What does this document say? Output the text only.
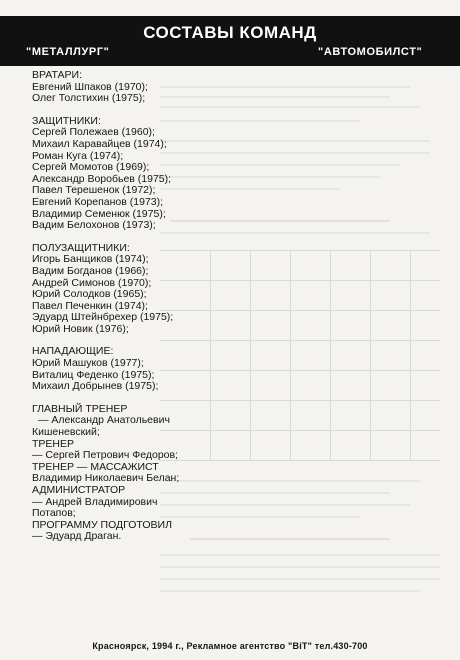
СОСТАВЫ КОМАНД
"МЕТАЛЛУРГ"	"АВТОМОБИЛСТ"
ВРАТАРИ:
Евгений Шпаков (1970);
Олег Толстихин (1975);
ЗАЩИТНИКИ:
Сергей Полежаев (1960);
Михаил Каравайцев (1974);
Роман Куга (1974);
Сергей Момотов (1969);
Александр Воробьев (1975);
Павел Терешенок (1972);
Евгений Корепанов (1973);
Владимир Семенюк (1975);
Вадим Белохонов (1973);
ПОЛУЗАЩИТНИКИ:
Игорь Банщиков (1974);
Вадим Богданов (1966);
Андрей Симонов (1970);
Юрий Солодков (1965);
Павел Печенкин (1974);
Эдуард Штейнбрехер (1975);
Юрий Новик (1976);
НАПАДАЮЩИЕ:
Юрий Машуков (1977);
Виталиц Феденко (1975);
Михаил Добрынев (1975);
ГЛАВНЫЙ ТРЕНЕР
— Александр Анатольевич
Кишеневский;
ТРЕНЕР
— Сергей Петрович Федоров;
ТРЕНЕР — МАССАЖИСТ
Владимир Николаевич Белан;
АДМИНИСТРАТОР
— Андрей Владимирович
Потапов;
ПРОГРАММУ ПОДГОТОВИЛ
— Эдуард Драган.
Красноярск, 1994 г., Рекламное агентство "ВiТ" тел.430-700
